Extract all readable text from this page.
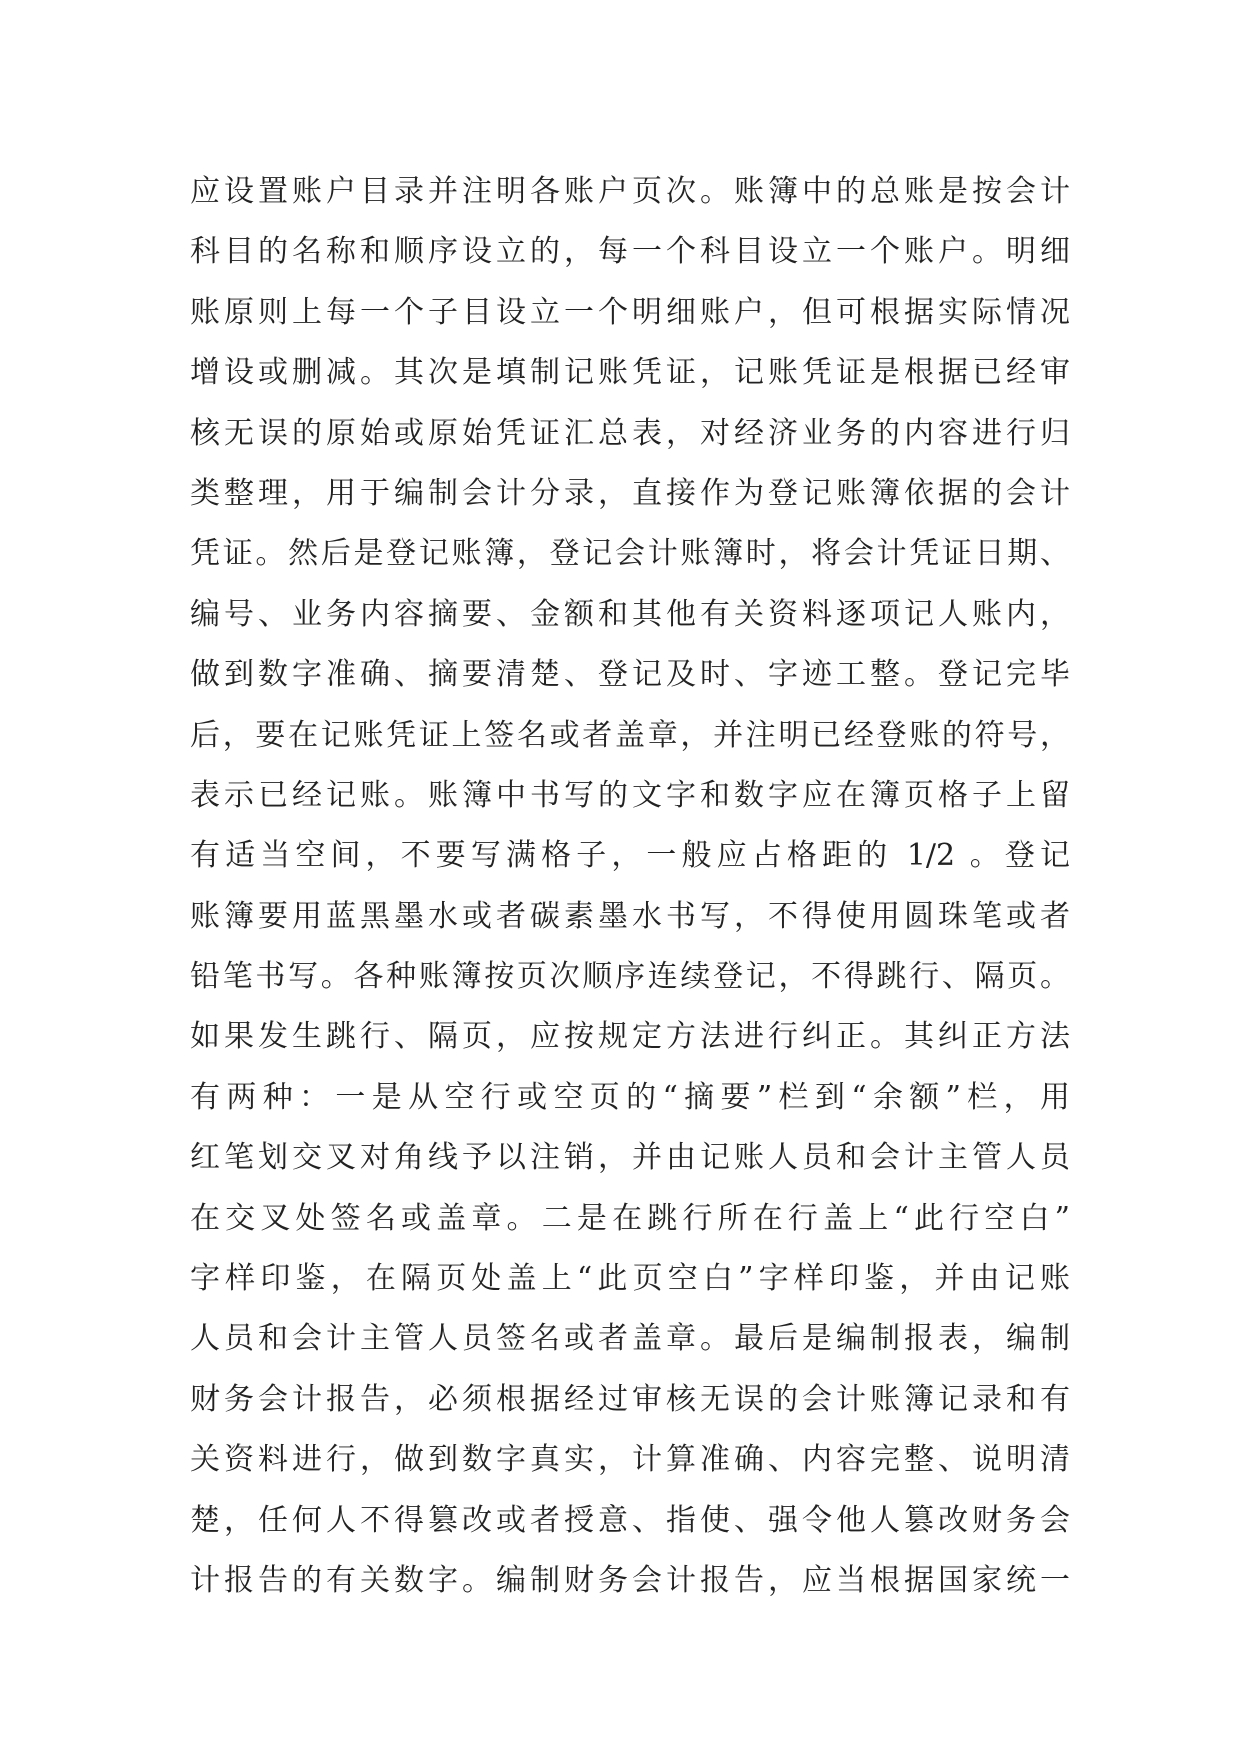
应设置账户目录并注明各账户页次。账簿中的总账是按会计
科目的名称和顺序设立的，每一个科目设立一个账户。明细
账原则上每一个子目设立一个明细账户，但可根据实际情况
增设或删减。其次是填制记账凭证，记账凭证是根据已经审
核无误的原始或原始凭证汇总表，对经济业务的内容进行归
类整理，用于编制会计分录，直接作为登记账簿依据的会计
凭证。然后是登记账簿，登记会计账簿时，将会计凭证日期、
编号、业务内容摘要、金额和其他有关资料逐项记人账内，
做到数字准确、摘要清楚、登记及时、字迹工整。登记完毕
后，要在记账凭证上签名或者盖章，并注明已经登账的符号，
表示已经记账。账簿中书写的文字和数字应在簿页格子上留
有适当空间，不要写满格子，一般应占格距的 1/2 。登记
账簿要用蓝黑墨水或者碳素墨水书写，不得使用圆珠笔或者
铅笔书写。各种账簿按页次顺序连续登记，不得跳行、隔页。
如果发生跳行、隔页，应按规定方法进行纠正。其纠正方法
有两种：一是从空行或空页的“摘要”栏到“余额”栏，用
红笔划交叉对角线予以注销，并由记账人员和会计主管人员
在交叉处签名或盖章。二是在跳行所在行盖上“此行空白”
字样印鉴，在隔页处盖上“此页空白”字样印鉴，并由记账
人员和会计主管人员签名或者盖章。最后是编制报表，编制
财务会计报告，必须根据经过审核无误的会计账簿记录和有
关资料进行，做到数字真实，计算准确、内容完整、说明清
楚，任何人不得篡改或者授意、指使、强令他人篡改财务会
计报告的有关数字。编制财务会计报告，应当根据国家统一
